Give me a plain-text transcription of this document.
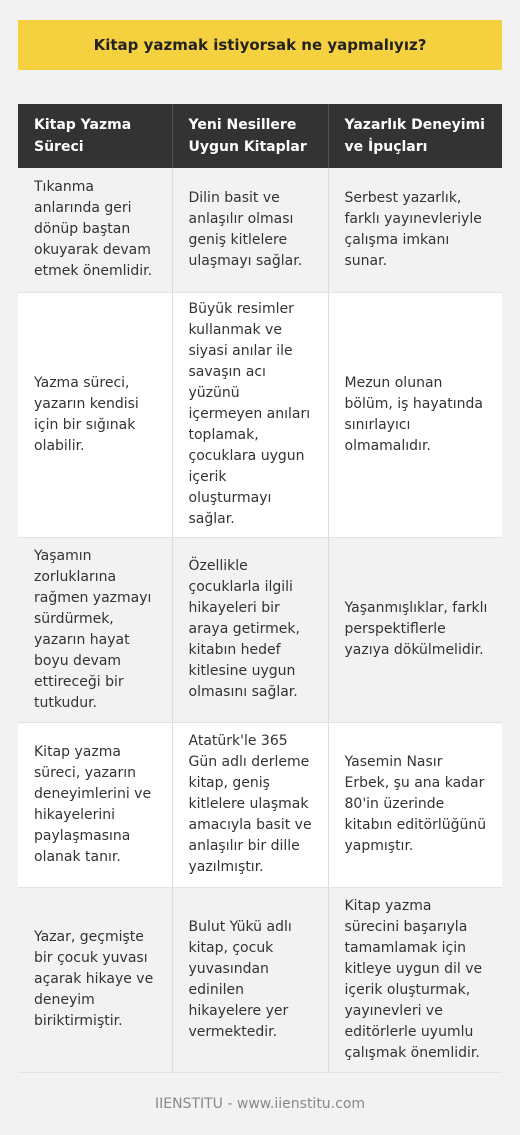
Kitap yazmak istiyorsak ne yapmalıyız?
Kitap Yazma Süreci	Yeni Nesillere Uygun Kitaplar	Yazarlık Deneyimi ve İpuçları
Tıkanma anlarında geri dönüp baştan okuyarak devam etmek önemlidir.	Dilin basit ve anlaşılır olması geniş kitlelere ulaşmayı sağlar.	Serbest yazarlık, farklı yayınevleriyle çalışma imkanı sunar.
Yazma süreci, yazarın kendisi için bir sığınak olabilir.	Büyük resimler kullanmak ve siyasi anılar ile savaşın acı yüzünü içermeyen anıları toplamak, çocuklara uygun içerik oluşturmayı sağlar.	Mezun olunan bölüm, iş hayatında sınırlayıcı olmamalıdır.
Yaşamın zorluklarına rağmen yazmayı sürdürmek, yazarın hayat boyu devam ettireceği bir tutkudur.	Özellikle çocuklarla ilgili hikayeleri bir araya getirmek, kitabın hedef kitlesine uygun olmasını sağlar.	Yaşanmışlıklar, farklı perspektiflerle yazıya dökülmelidir.
Kitap yazma süreci, yazarın deneyimlerini ve hikayelerini paylaşmasına olanak tanır.	Atatürk'le 365 Gün adlı derleme kitap, geniş kitlelere ulaşmak amacıyla basit ve anlaşılır bir dille yazılmıştır.	Yasemin Nasır Erbek, şu ana kadar 80'in üzerinde kitabın editörlüğünü yapmıştır.
Yazar, geçmişte bir çocuk yuvası açarak hikaye ve deneyim biriktirmiştir.	Bulut Yükü adlı kitap, çocuk yuvasından edinilen hikayelere yer vermektedir.	Kitap yazma sürecini başarıyla tamamlamak için kitleye uygun dil ve içerik oluşturmak, yayınevleri ve editörlerle uyumlu çalışmak önemlidir.
IIENSTITU - www.iienstitu.com
